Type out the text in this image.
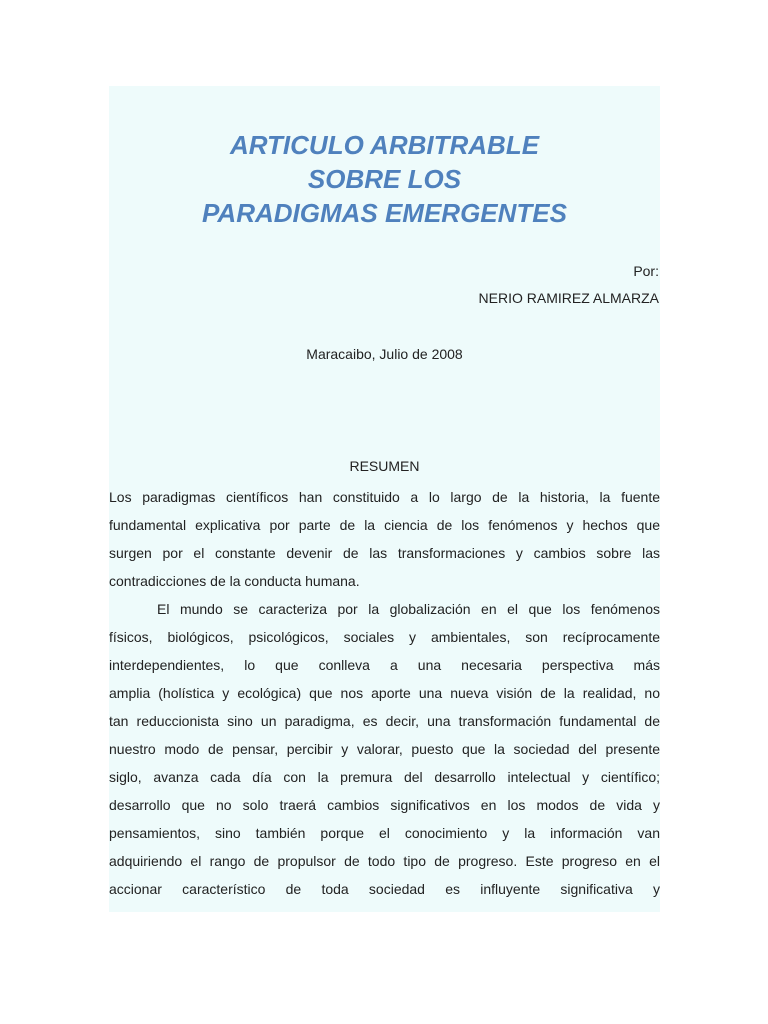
ARTICULO ARBITRABLE
SOBRE LOS
PARADIGMAS EMERGENTES
Por:
NERIO RAMIREZ ALMARZA
Maracaibo, Julio de 2008
RESUMEN

Los paradigmas científicos han constituido a lo largo de la historia, la fuente
fundamental explicativa por parte de la ciencia de los fenómenos y hechos que
surgen por el constante devenir de las transformaciones y cambios sobre las
contradicciones de la conducta humana.

El mundo se caracteriza por la globalización en el que los fenómenos
físicos, biológicos, psicológicos, sociales y ambientales, son recíprocamente
interdependientes, lo que conlleva a una necesaria perspectiva más
amplia (holística y ecológica) que nos aporte una nueva visión de la realidad, no
tan reduccionista sino un paradigma, es decir, una transformación fundamental de
nuestro modo de pensar, percibir y valorar, puesto que la sociedad del presente
siglo, avanza cada día con la premura del desarrollo intelectual y científico;
desarrollo que no solo traerá cambios significativos en los modos de vida y
pensamientos, sino también porque el conocimiento y la información van
adquiriendo el rango de propulsor de todo tipo de progreso. Este progreso en el
accionar característico de toda sociedad es influyente significativa y
